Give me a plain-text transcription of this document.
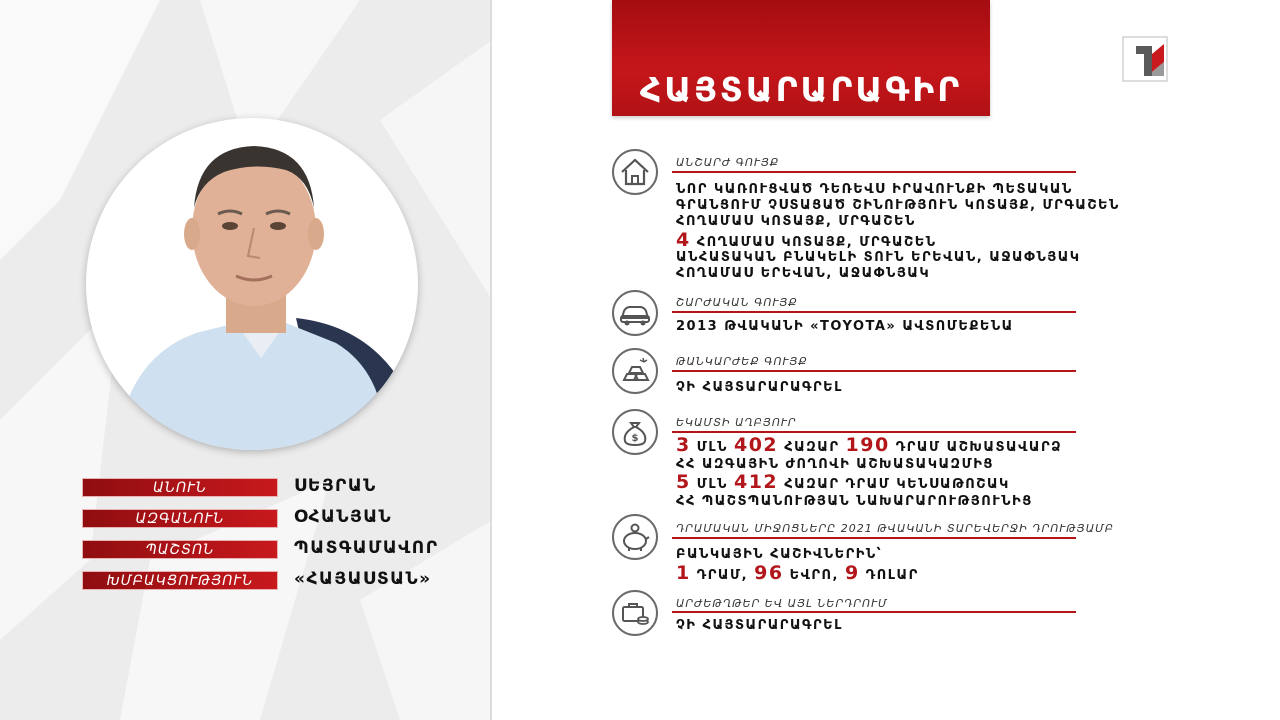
ԱՆՈՒՆ	ՍԵՅՐԱՆ
ԱԶԳԱՆՈՒՆ	ՕՀԱՆՅԱՆ
ՊԱՇՏՈՆ	ՊԱՏԳԱՄԱՎՈՐ
ԽՄԲԱԿՑՈՒԹՅՈՒՆ	«ՀԱՅԱՍՏԱՆ»
ՀԱՅՏԱՐԱՐԱԳԻՐ
ԱՆՇԱՐԺ ԳՈՒՅՔ
ՆՈՐ ԿԱՌՈՒՑՎԱԾ ԴԵՌԵՎՍ ԻՐԱՎՈՒՆՔԻ ՊԵՏԱԿԱՆ
ԳՐԱՆՑՈՒՄ ՉՍՏԱՑԱԾ ՇԻՆՈՒԹՅՈՒՆ ԿՈՏԱՅՔ, ՄՐԳԱՇԵՆ
ՀՈՂԱՄԱՍ ԿՈՏԱՅՔ, ՄՐԳԱՇԵՆ
4 ՀՈՂԱՄԱՍ ԿՈՏԱՅՔ, ՄՐԳԱՇԵՆ
ԱՆՀԱՏԱԿԱՆ ԲՆԱԿԵԼԻ ՏՈՒՆ ԵՐԵՎԱՆ, ԱՋԱՓՆՅԱԿ
ՀՈՂԱՄԱՍ ԵՐԵՎԱՆ, ԱՋԱՓՆՅԱԿ
ՇԱՐԺԱԿԱՆ ԳՈՒՅՔ
2013 ԹՎԱԿԱՆԻ «TOYOTA» ԱՎՏՈՄԵՔԵՆԱ
ԹԱՆԿԱՐԺԵՔ ԳՈՒՅՔ
ՉԻ ՀԱՅՏԱՐԱՐԱԳՐԵԼ
$
ԵԿԱՄՏԻ ԱՂԲՅՈՒՐ
3 ՄԼՆ 402 ՀԱԶԱՐ 190 ԴՐԱՄ ԱՇԽԱՏԱՎԱՐՁ
ՀՀ ԱԶԳԱՅԻՆ ԺՈՂՈՎԻ ԱՇԽԱՏԱԿԱԶՄԻՑ
5 ՄԼՆ 412 ՀԱԶԱՐ ԴՐԱՄ ԿԵՆՍԱԹՈՇԱԿ
ՀՀ ՊԱՇՏՊԱՆՈՒԹՅԱՆ ՆԱԽԱՐԱՐՈՒԹՅՈՒՆԻՑ
ԴՐԱՄԱԿԱՆ ՄԻՋՈՑՆԵՐԸ 2021 ԹՎԱԿԱՆԻ ՏԱՐԵՎԵՐՋԻ ԴՐՈՒԹՅԱՄԲ
ԲԱՆԿԱՅԻՆ ՀԱՇԻՎՆԵՐԻՆ՝
1 ԴՐԱՄ, 96 ԵՎՐՈ, 9 ԴՈԼԱՐ
ԱՐԺԵԹՂԹԵՐ ԵՎ ԱՅԼ ՆԵՐԴՐՈՒՄ
ՉԻ ՀԱՅՏԱՐԱՐԱԳՐԵԼ
